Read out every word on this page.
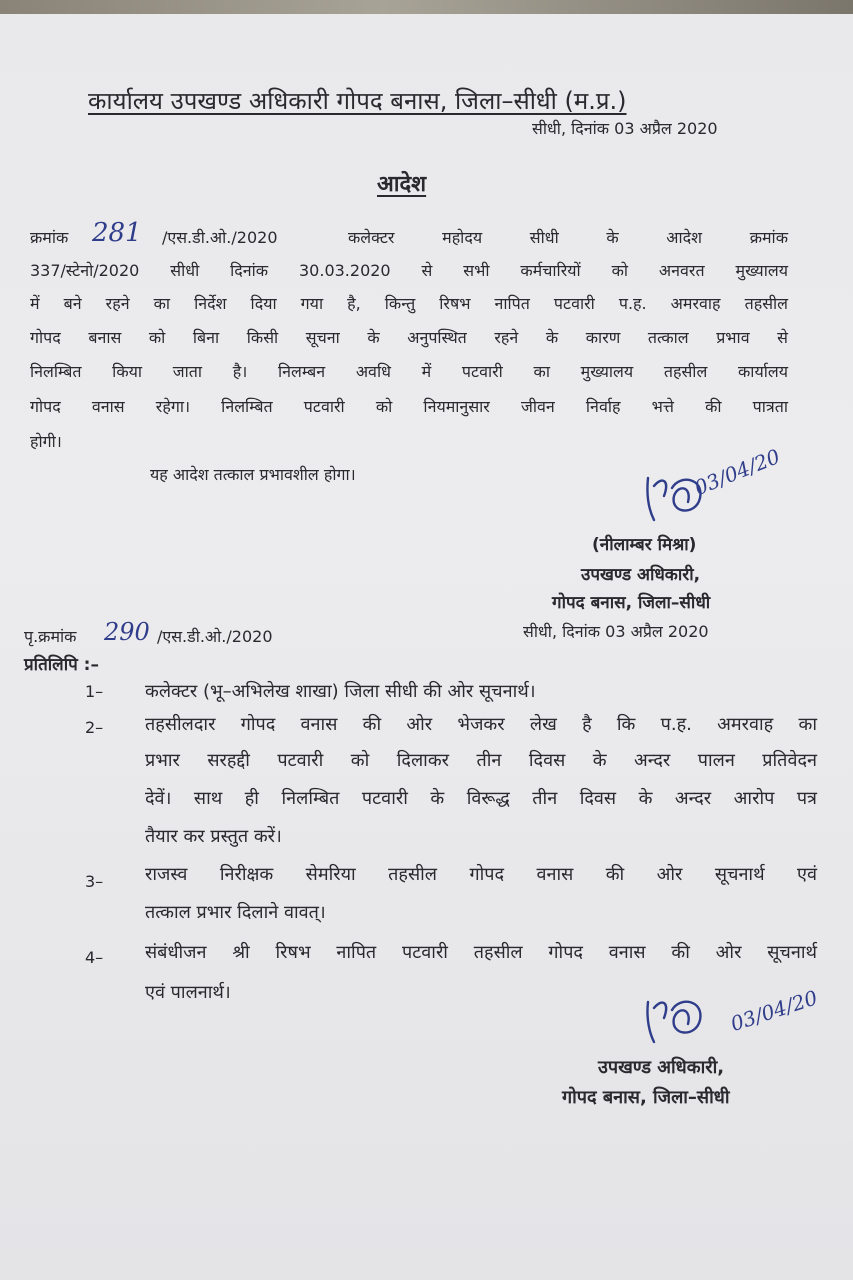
कार्यालय उपखण्ड अधिकारी गोपद बनास, जिला–सीधी (म.प्र.)
सीधी, दिनांक 03 अप्रैल 2020
आदेश
क्रमांक 281 /एस.डी.ओ./2020	कलेक्टर महोदय सीधी के आदेश क्रमांक
337/स्टेनो/2020 सीधी दिनांक 30.03.2020 से सभी कर्मचारियों को अनवरत मुख्यालय
में बने रहने का निर्देश दिया गया है, किन्तु रिषभ नापित पटवारी प.ह. अमरवाह तहसील
गोपद बनास को बिना किसी सूचना के अनुपस्थित रहने के कारण तत्काल प्रभाव से
निलम्बित किया जाता है। निलम्बन अवधि में पटवारी का मुख्यालय तहसील कार्यालय
गोपद वनास रहेगा। निलम्बित पटवारी को नियमानुसार जीवन निर्वाह भत्ते की पात्रता
होगी।
यह आदेश तत्काल प्रभावशील होगा।	03/04/20
(नीलाम्बर मिश्रा)
उपखण्ड अधिकारी,
गोपद बनास, जिला–सीधी
सीधी, दिनांक 03 अप्रैल 2020
पृ.क्रमांक 290 /एस.डी.ओ./2020
प्रतिलिपि :–
1– कलेक्टर (भू–अभिलेख शाखा) जिला सीधी की ओर सूचनार्थ।
2– तहसीलदार गोपद वनास की ओर भेजकर लेख है कि प.ह. अमरवाह का
प्रभार सरहद्दी पटवारी को दिलाकर तीन दिवस के अन्दर पालन प्रतिवेदन
देवें। साथ ही निलम्बित पटवारी के विरूद्ध तीन दिवस के अन्दर आरोप पत्र
तैयार कर प्रस्तुत करें।
3– राजस्व निरीक्षक सेमरिया तहसील गोपद वनास की ओर सूचनार्थ एवं
तत्काल प्रभार दिलाने वावत्।
4– संबंधीजन श्री रिषभ नापित पटवारी तहसील गोपद वनास की ओर सूचनार्थ
एवं पालनार्थ।	03/04/20
उपखण्ड अधिकारी,
गोपद बनास, जिला–सीधी
